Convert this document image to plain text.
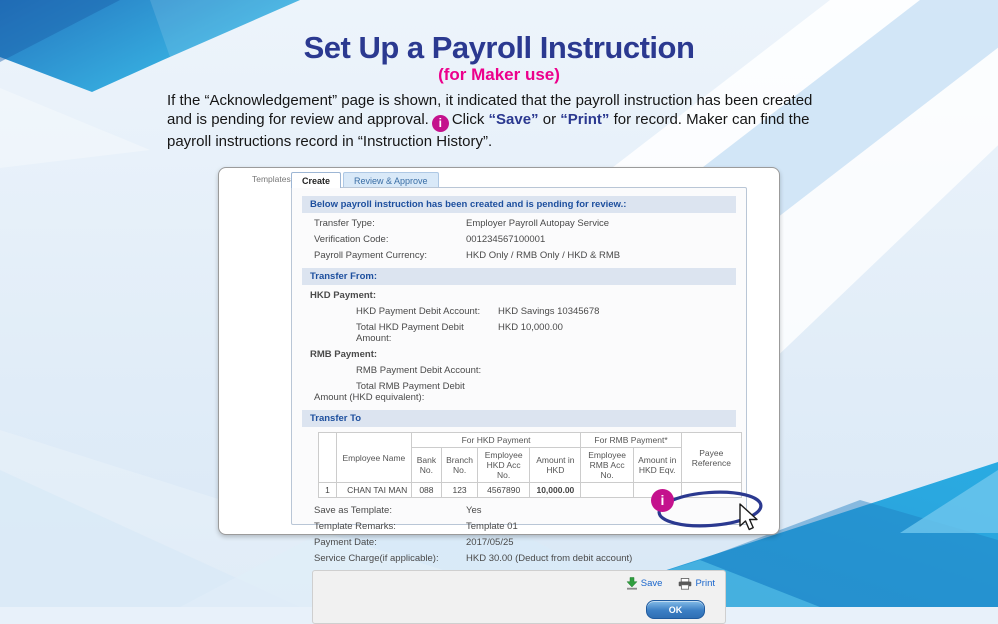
Set Up a Payroll Instruction
(for Maker use)
If the “Acknowledgement” page is shown, it indicated that the payroll instruction has been created and is pending for review and approval. i Click “Save” or “Print” for record. Maker can find the payroll instructions record in “Instruction History”.
Templates	Create	Review & Approve
Below payroll instruction has been created and is pending for review.:
Transfer Type:	Employer Payroll Autopay Service
Verification Code:	001234567100001
Payroll Payment Currency:	HKD Only / RMB Only / HKD & RMB
Transfer From:
HKD Payment:
HKD Payment Debit Account:	HKD Savings 10345678
Total HKD Payment Debit Amount:
HKD 10,000.00
RMB Payment:
RMB Payment Debit Account:
Total RMB Payment Debit Amount (HKD equivalent):
Transfer To
	Employee Name	For HKD Payment				For RMB Payment*		Payee Reference
		Bank No.	Branch No.	Employee HKD Acc No.	Amount in HKD	Employee RMB Acc No.	Amount in HKD Eqv.	
1	CHAN TAI MAN	088	123	4567890	10,000.00			
Save as Template:	Yes
Template Remarks:	Template 01
Payment Date:	2017/05/25
Service Charge(if applicable):	HKD 30.00 (Deduct from debit account)
Save	Print
OK
i
